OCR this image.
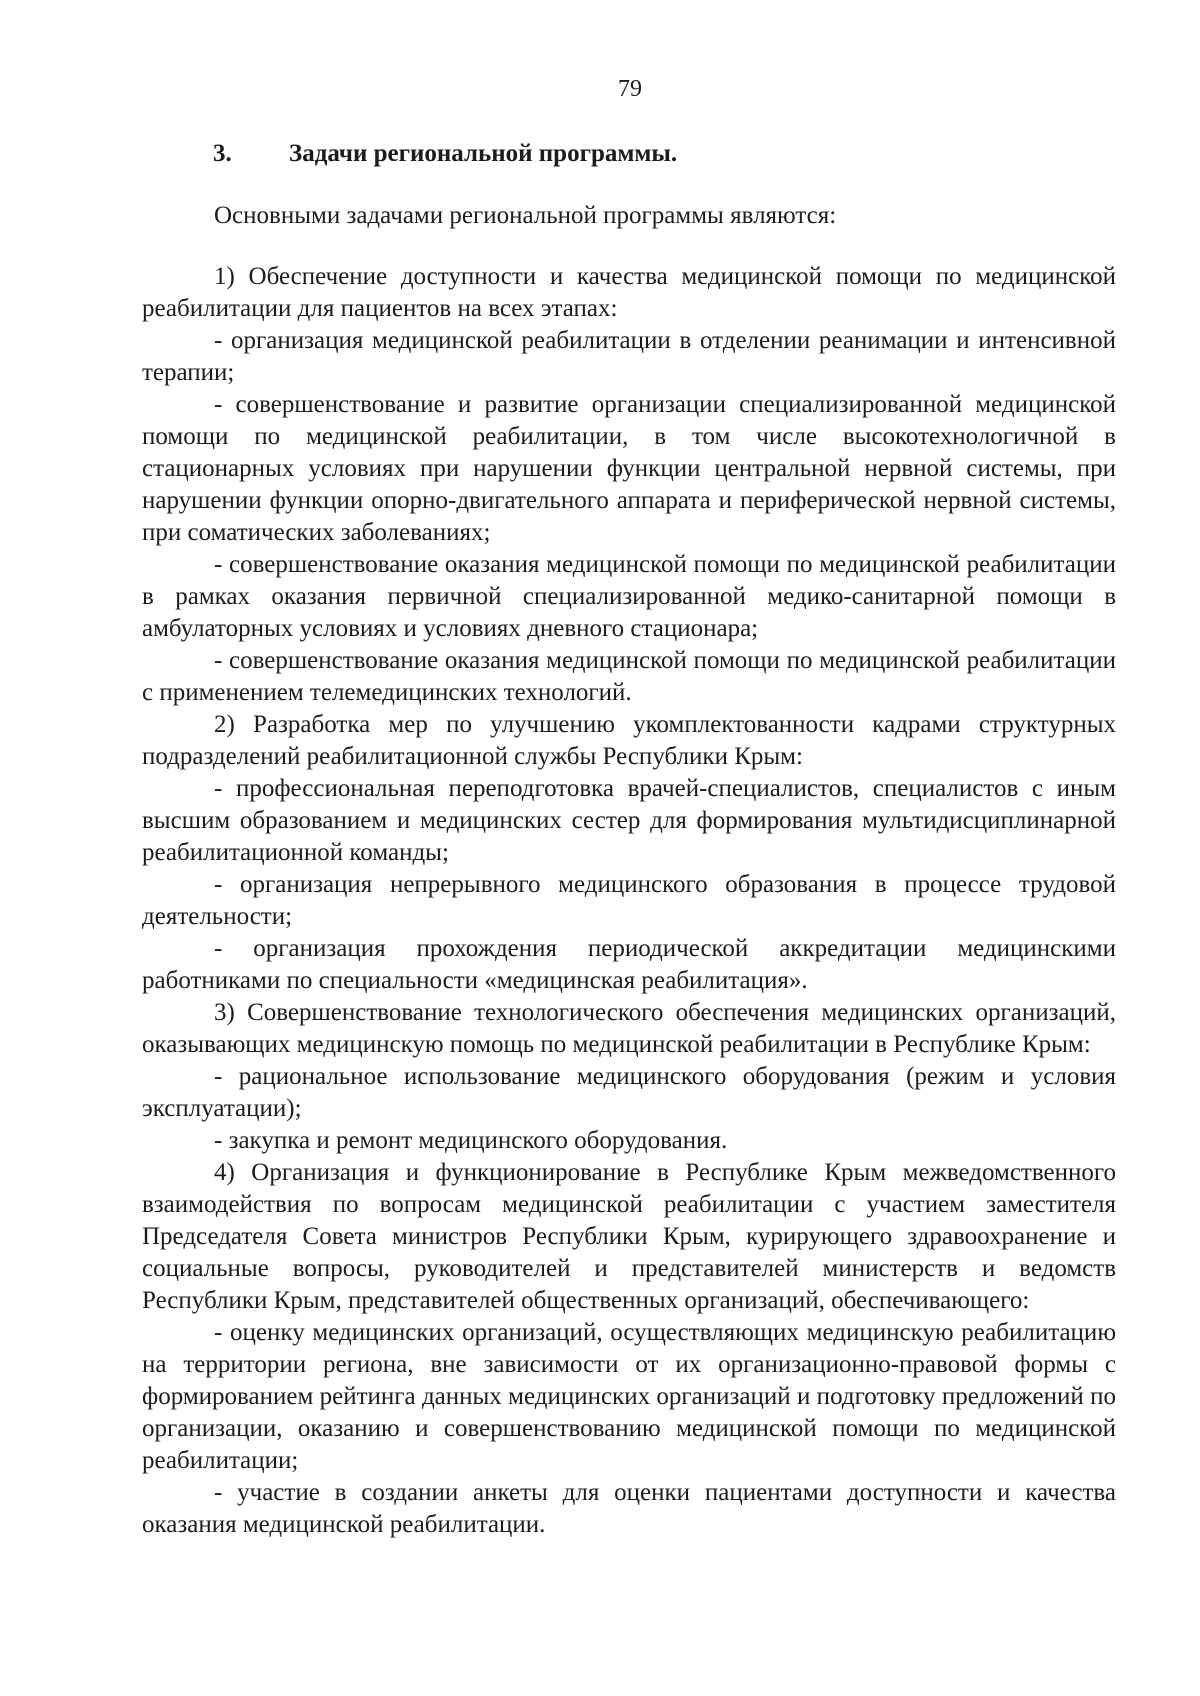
79
3. Задачи региональной программы.

Основными задачами региональной программы являются:

1) Обеспечение доступности и качества медицинской помощи по медицинской реабилитации для пациентов на всех этапах:

- организация медицинской реабилитации в отделении реанимации и интенсивной терапии;

- совершенствование и развитие организации специализированной медицинской помощи по медицинской реабилитации, в том числе высокотехнологичной в стационарных условиях при нарушении функции центральной нервной системы, при нарушении функции опорно-двигательного аппарата и периферической нервной системы, при соматических заболеваниях;

- совершенствование оказания медицинской помощи по медицинской реабилитации в рамках оказания первичной специализированной медико-санитарной помощи в амбулаторных условиях и условиях дневного стационара;

- совершенствование оказания медицинской помощи по медицинской реабилитации с применением телемедицинских технологий.

2) Разработка мер по улучшению укомплектованности кадрами структурных подразделений реабилитационной службы Республики Крым:

- профессиональная переподготовка врачей-специалистов, специалистов с иным высшим образованием и медицинских сестер для формирования мультидисциплинарной реабилитационной команды;

- организация непрерывного медицинского образования в процессе трудовой деятельности;

- организация прохождения периодической аккредитации медицинскими работниками по специальности «медицинская реабилитация».

3) Совершенствование технологического обеспечения медицинских организаций, оказывающих медицинскую помощь по медицинской реабилитации в Республике Крым:

- рациональное использование медицинского оборудования (режим и условия эксплуатации);

- закупка и ремонт медицинского оборудования.

4) Организация и функционирование в Республике Крым межведомственного взаимодействия по вопросам медицинской реабилитации с участием заместителя Председателя Совета министров Республики Крым, курирующего здравоохранение и социальные вопросы, руководителей и представителей министерств и ведомств Республики Крым, представителей общественных организаций, обеспечивающего:

- оценку медицинских организаций, осуществляющих медицинскую реабилитацию на территории региона, вне зависимости от их организационно-правовой формы с формированием рейтинга данных медицинских организаций и подготовку предложений по организации, оказанию и совершенствованию медицинской помощи по медицинской реабилитации;

- участие в создании анкеты для оценки пациентами доступности и качества оказания медицинской реабилитации.
